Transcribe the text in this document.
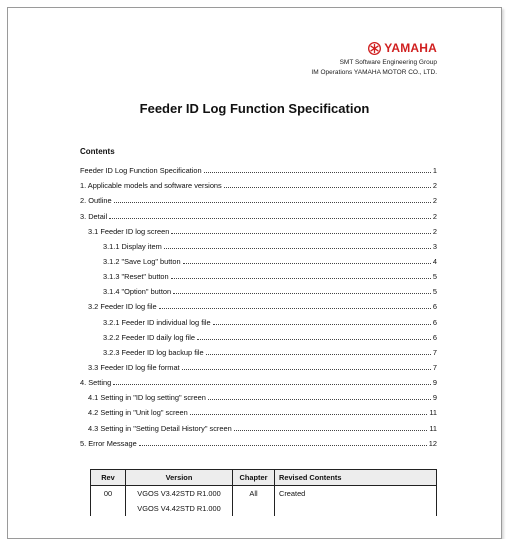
YAMAHA
SMT Software Engineering Group
IM Operations YAMAHA MOTOR CO., LTD.
Feeder ID Log Function Specification
Contents
Feeder ID Log Function Specification	1
1. Applicable models and software versions	2
2. Outline	2
3. Detail	2
3.1 Feeder ID log screen	2
3.1.1 Display item	3
3.1.2 "Save Log" button	4
3.1.3 "Reset" button	5
3.1.4 "Option" button	5
3.2 Feeder ID log file	6
3.2.1 Feeder ID individual log file	6
3.2.2 Feeder ID daily log file	6
3.2.3 Feeder ID log backup file	7
3.3 Feeder ID log file format	7
4. Setting	9
4.1 Setting in "ID log setting" screen	9
4.2 Setting in "Unit log" screen	11
4.3 Setting in "Setting Detail History" screen	11
5. Error Message	12
Rev	Version	Chapter	Revised Contents
00	VGOS V3.42STD R1.000	All	Created
	VGOS V4.42STD R1.000		
